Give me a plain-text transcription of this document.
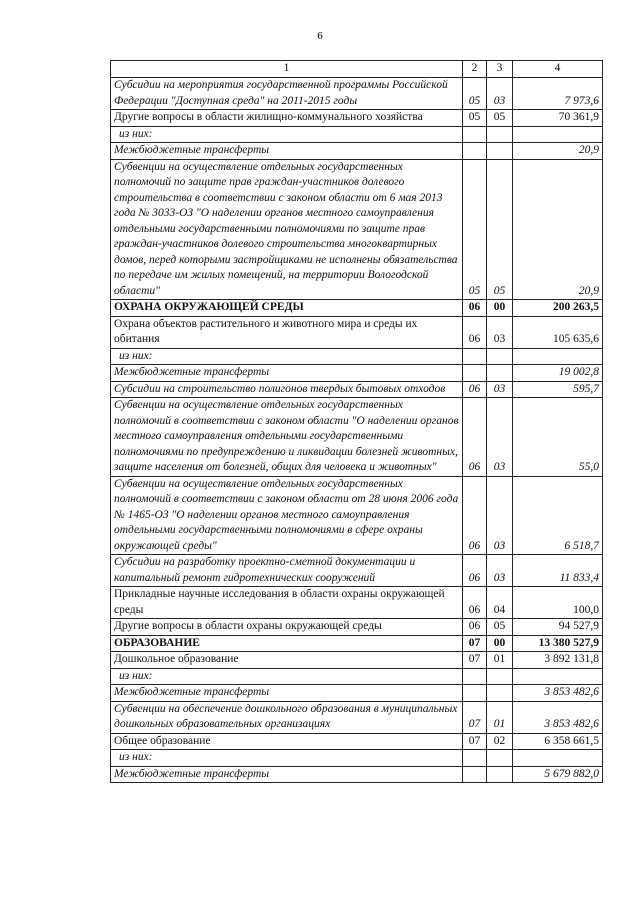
6
1	2	3	4
Субсидии на мероприятия государственной программы Российской Федерации "Доступная среда" на 2011-2015 годы	05	03	7 973,6
Другие вопросы в области жилищно-коммунального хозяйства	05	05	70 361,9
из них:			
Межбюджетные трансферты			20,9
Субвенции на осуществление отдельных государственных полномочий по защите прав граждан-участников долевого строительства в соответствии с законом области от 6 мая 2013 года № 3033-ОЗ "О наделении органов местного самоуправления отдельными государственными полномочиями по защите прав граждан-участников долевого строительства многоквартирных домов, перед которыми застройщиками не исполнены обязательства по передаче им жилых помещений, на территории Вологодской области"	05	05	20,9
ОХРАНА ОКРУЖАЮЩЕЙ СРЕДЫ	06	00	200 263,5
Охрана объектов растительного и животного мира и среды их обитания	06	03	105 635,6
из них:			
Межбюджетные трансферты			19 002,8
Субсидии на строительство полигонов твердых бытовых отходов	06	03	595,7
Субвенции на осуществление отдельных государственных полномочий в соответствии с законом области "О наделении органов местного самоуправления отдельными государственными полномочиями по предупреждению и ликвидации болезней животных, защите населения от болезней, общих для человека и животных"	06	03	55,0
Субвенции на осуществление отдельных государственных полномочий в соответствии с законом области от 28 июня 2006 года № 1465-ОЗ "О наделении органов местного самоуправления отдельными государственными полномочиями в сфере охраны окружающей среды"	06	03	6 518,7
Субсидии на разработку проектно-сметной документации и капитальный ремонт гидротехнических сооружений	06	03	11 833,4
Прикладные научные исследования в области охраны окружающей среды	06	04	100,0
Другие вопросы в области охраны окружающей среды	06	05	94 527,9
ОБРАЗОВАНИЕ	07	00	13 380 527,9
Дошкольное образование	07	01	3 892 131,8
из них:			
Межбюджетные трансферты			3 853 482,6
Субвенции на обеспечение дошкольного образования в муниципальных дошкольных образовательных организациях	07	01	3 853 482,6
Общее образование	07	02	6 358 661,5
из них:			
Межбюджетные трансферты			5 679 882,0
